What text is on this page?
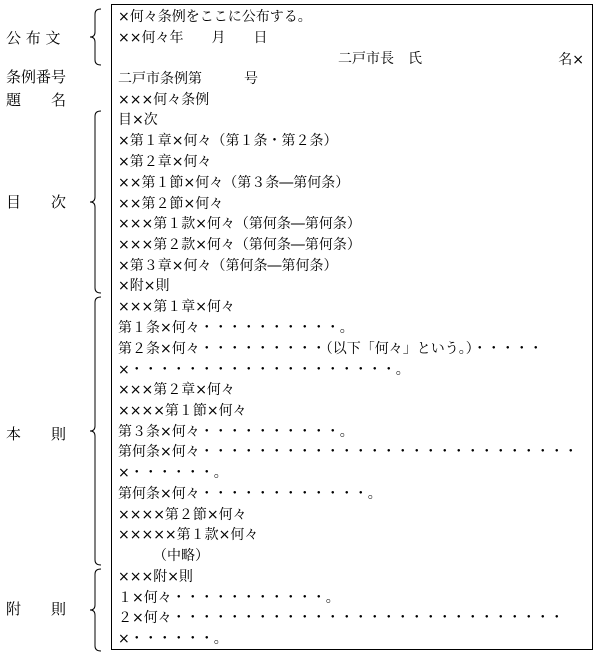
公 布 文
条例番号
題　　名
目　　次
本　　則
附　　則
名×
×何々条例をここに公布する。
××何々年　　月　　日
二戸市長　氏
二戸市条例第　　　号
×××何々条例
目×次
×第１章×何々（第１条・第２条）
×第２章×何々
××第１節×何々（第３条―第何条）
××第２節×何々
×××第１款×何々（第何条―第何条）
×××第２款×何々（第何条―第何条）
×第３章×何々（第何条―第何条）
×附×則
×××第１章×何々
第１条×何々・・・・・・・・・・。
第２条×何々・・・・・・・・・（以下「何々」という。）・・・・・
×・・・・・・・・・・・・・・・・・・・。
×××第２章×何々
××××第１節×何々
第３条×何々・・・・・・・・・・。
第何条×何々・・・・・・・・・・・・・・・・・・・・・・・・・・・
×・・・・・・。
第何条×何々・・・・・・・・・・・・。
××××第２節×何々
×××××第１款×何々
　　　（中略）
×××附×則
１×何々・・・・・・・・・・・。
２×何々・・・・・・・・・・・・・・・・・・・・・・・・・・・・
×・・・・・・。
